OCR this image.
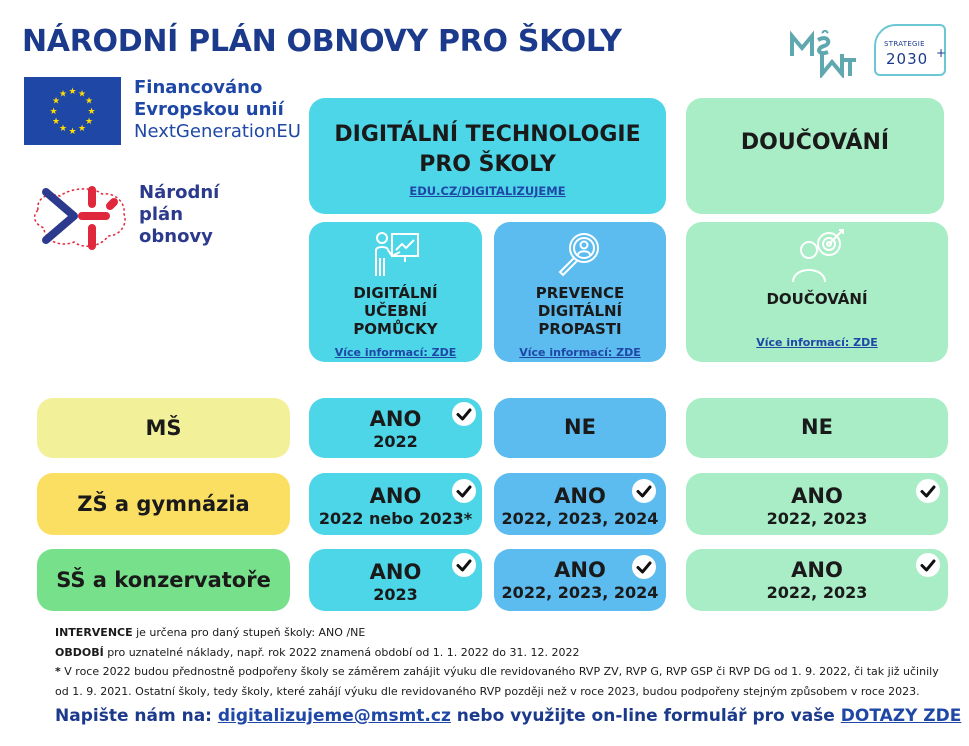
NÁRODNÍ PLÁN OBNOVY PRO ŠKOLY	STRATEGIE
2030 +
★ ★
★
★
★
★
★
★
★
★
★
★	Financováno
Evropskou unií
NextGenerationEU
Národní
plán
obnovy
DIGITÁLNÍ TECHNOLOGIE
PRO ŠKOLY
EDU.CZ/DIGITALIZUJEME
DOUČOVÁNÍ
DIGITÁLNÍ
UČEBNÍ
POMŮCKY
Více informací: ZDE
PREVENCE
DIGITÁLNÍ
PROPASTI
Více informací: ZDE
DOUČOVÁNÍ
Více informací: ZDE
MŠ	ANO
2022
NE	NE
ZŠ a gymnázia	ANO
2022 nebo 2023*
ANO
2022, 2023, 2024
ANO
2022, 2023
SŠ a konzervatoře	ANO
2023
ANO
2022, 2023, 2024
ANO
2022, 2023
INTERVENCE je určena pro daný stupeň školy: ANO /NE
OBDOBÍ pro uznatelné náklady, např. rok 2022 znamená období od 1. 1. 2022 do 31. 12. 2022
* V roce 2022 budou přednostně podpořeny školy se záměrem zahájit výuku dle revidovaného RVP ZV, RVP G, RVP GSP či RVP DG od 1. 9. 2022, či tak již učinily
od 1. 9. 2021. Ostatní školy, tedy školy, které zahájí výuku dle revidovaného RVP později než v roce 2023, budou podpořeny stejným způsobem v roce 2023.
Napište nám na: digitalizujeme@msmt.cz nebo využijte on-line formulář pro vaše DOTAZY ZDE
